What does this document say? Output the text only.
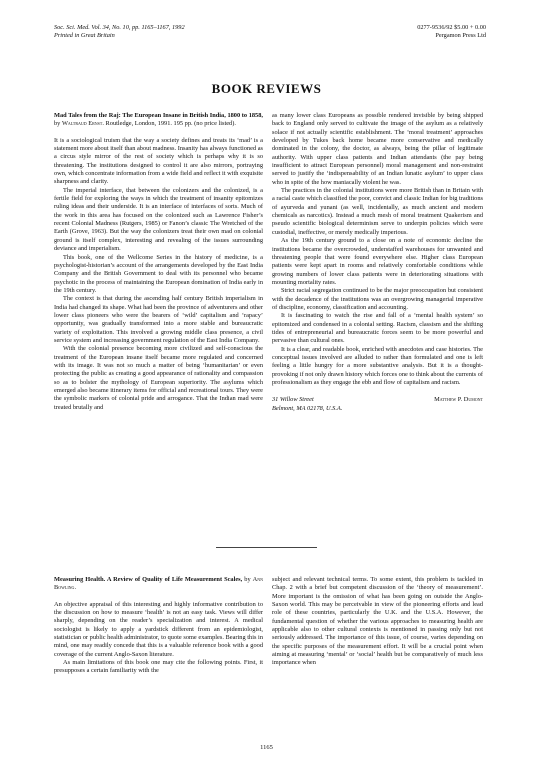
Soc. Sci. Med. Vol. 34, No. 10, pp. 1165–1167, 1992
Printed in Great Britain
0277-9536/92 $5.00 + 0.00
Pergamon Press Ltd
BOOK REVIEWS
Mad Tales from the Raj: The European Insane in British India, 1800 to 1858, by Waltraud Ernst. Routledge, London, 1991. 195 pp. (no price listed).

It is a sociological truism that the way a society defines and treats its ‘mad’ is a statement more about itself than about madness. Insanity has always functioned as a circus style mirror of the rest of society which is perhaps why it is so threatening. The institutions designed to control it are also mirrors, portraying own, which concentrate information from a wide field and reflect it with exquisite sharpness and clarity.

The imperial interface, that between the colonizers and the colonized, is a fertile field for exploring the ways in which the treatment of insanity epitomizes ruling ideas and their underside. It is an interface of interfaces of sorts. Much of the work in this area has focused on the colonized such as Lawrence Fisher’s recent Colonial Madness (Rutgers, 1985) or Fanon’s classic The Wretched of the Earth (Grove, 1963). But the way the colonizers treat their own mad on colonial ground is itself complex, interesting and revealing of the issues surrounding deviance and imperialism.

This book, one of the Wellcome Series in the history of medicine, is a psychologist-historian’s account of the arrangements developed by the East India Company and the British Government to deal with its personnel who became psychotic in the process of maintaining the European domination of India early in the 19th century.

The context is that during the ascending half century British imperialism in India had changed its shape. What had been the province of adventurers and other lower class pioneers who were the bearers of ‘wild’ capitalism and ‘rapacy’ opportunity, was gradually transformed into a more stable and bureaucratic variety of exploitation. This involved a growing middle class presence, a civil service system and increasing government regulation of the East India Company.

With the colonial presence becoming more civilized and self-conscious the treatment of the European insane itself became more regulated and concerned with its image. It was not so much a matter of being ‘humanitarian’ or even protecting the public as creating a good appearance of rationality and compassion so as to bolster the mythology of European superiority. The asylums which emerged also became itinerary items for official and recreational tours. They were the symbolic markers of colonial pride and arrogance. That the Indian mad were treated brutally and

as many lower class Europeans as possible rendered invisible by being shipped back to England only served to cultivate the image of the asylum as a relatively solace if not actually scientific establishment. The ‘moral treatment’ approaches developed by Tukes back home became more conservative and medically dominated in the colony, the doctor, as always, being the pillar of legitimate authority. With upper class patients and Indian attendants (the pay being insufficient to attract European personnel) moral management and non-restraint served to justify the ‘indispensability of an Indian lunatic asylum’ to upper class who in spite of the how maniacally violent he was.

The practices in the colonial institutions were more British than in Britain with a racial caste which classified the poor, convict and classic Indian for big traditions of ayurveda and yunani (as well, incidentally, as much ancient and modern chemicals as narcotics). Instead a much mesh of moral treatment Quakerism and pseudo scientific biological determinism serve to underpin policies which were custodial, ineffective, or merely medically imperious.

As the 19th century ground to a close on a note of economic decline the institutions became the overcrowded, understaffed warehouses for unwanted and threatening people that were found everywhere else. Higher class European patients were kept apart in rooms and relatively comfortable conditions while growing numbers of lower class patients were in deteriorating situations with mounting mortality rates.

Strict racial segregation continued to be the major preoccupation but consistent with the decadence of the institutions was an overgrowing managerial imperative of discipline, economy, classification and accounting.

It is fascinating to watch the rise and fall of a ‘mental health system’ so epitomized and condensed in a colonial setting. Racism, classism and the shifting tides of entrepreneurial and bureaucratic forces seem to be more powerful and pervasive than cultural ones.

It is a clear, and readable book, enriched with anecdotes and case histories. The conceptual issues involved are alluded to rather than formulated and one is left feeling a little hungry for a more substantive analysis. But it is a thought-provoking if not only drawn history which forces one to think about the currents of professionalism as they engage the ebb and flow of capitalism and racism.

31 Willow Street
Belmont, MA 02178, U.S.A.
Matthew P. Dumont
Measuring Health. A Review of Quality of Life Measurement Scales, by Ann Bowling.

An objective appraisal of this interesting and highly informative contribution to the discussion on how to measure ‘health’ is not an easy task. Views will differ sharply, depending on the reader’s specialization and interest. A medical sociologist is likely to apply a yardstick different from an epidemiologist, statistician or public health administrator, to quote some examples. Bearing this in mind, one may readily concede that this is a valuable reference book with a good coverage of the current Anglo-Saxon literature.

As main limitations of this book one may cite the following points. First, it presupposes a certain familiarity with the

subject and relevant technical terms. To some extent, this problem is tackled in Chap. 2 with a brief but competent discussion of the ‘theory of measurement’. More important is the omission of what has been going on outside the Anglo-Saxon world. This may be perceivable in view of the pioneering efforts and lead role of these countries, particularly the U.K. and the U.S.A. However, the fundamental question of whether the various approaches to measuring health are applicable also to other cultural contexts is mentioned in passing only but not seriously addressed. The importance of this issue, of course, varies depending on the specific purposes of the measurement effort. It will be a crucial point when aiming at measuring ‘mental’ or ‘social’ health but be comparatively of much less importance when

1165
